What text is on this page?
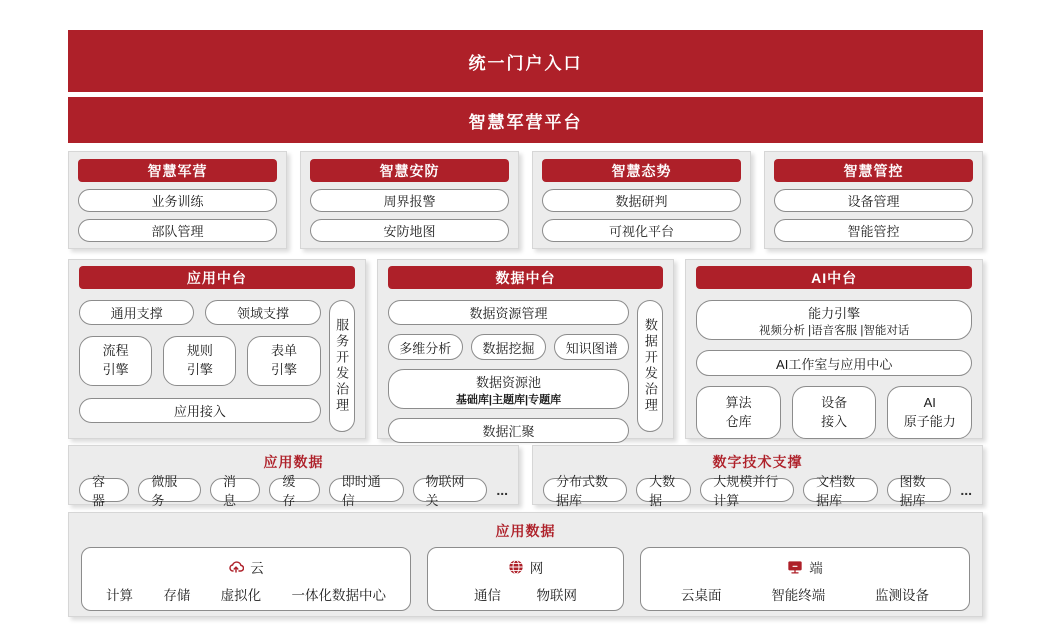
统一门户入口
智慧军营平台
智慧军营
业务训练
部队管理
智慧安防
周界报警
安防地图
智慧态势
数据研判
可视化平台
智慧管控
设备管理
智能管控
应用中台
通用支撑	领域支撑
流程
引擎
规则
引擎
表单
引擎
应用接入	服务开发治理
数据中台
数据资源管理
多维分析	数据挖掘	知识图谱
数据资源池
基础库|主题库|专题库
数据汇聚
数据开发治理
AI中台
能力引擎
视频分析 |语音客服 |智能对话
AI工作室与应用中心
算法
仓库
设备
接入
AI
原子能力
应用数据
容器
微服务
消息
缓存
即时通信
物联网关
...
数字技术支撑
分布式数据库
大数据
大规模并行计算
文档数据库
图数据库
...
应用数据
云
计算 存储 虚拟化 一体化数据中心
网
通信	物联网
端
云桌面	智能终端	监测设备
